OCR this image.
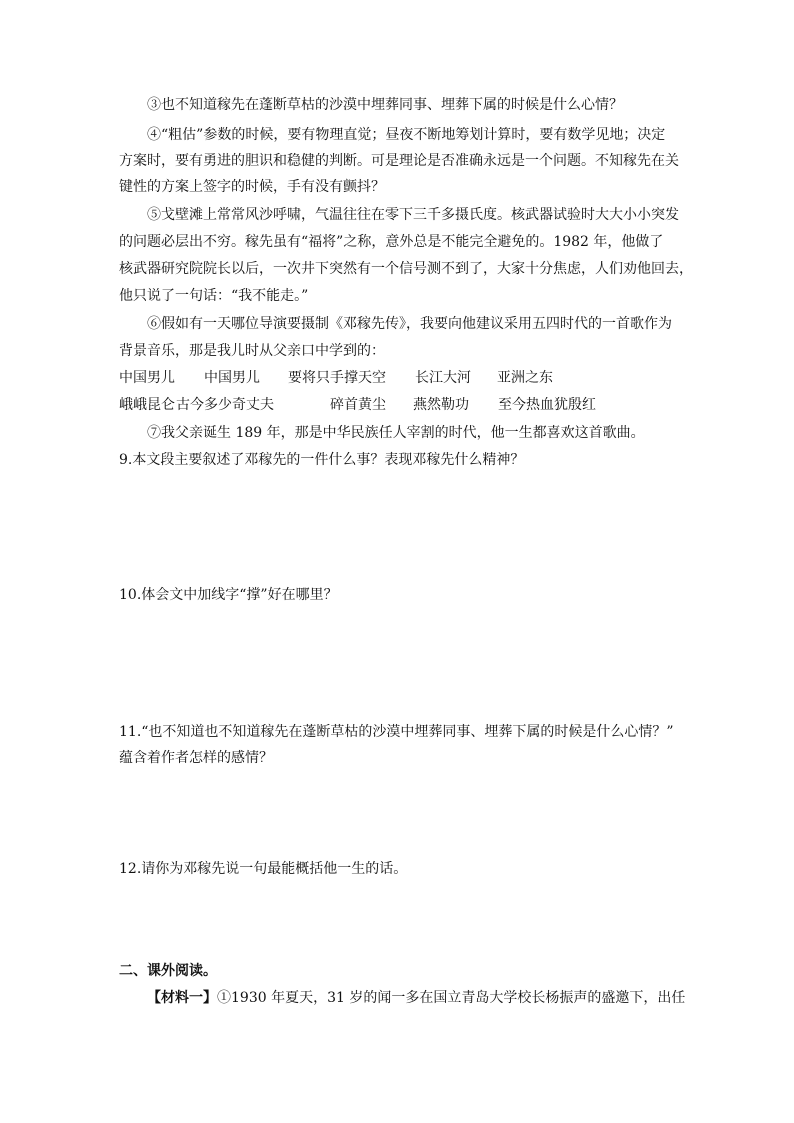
③也不知道稼先在蓬断草枯的沙漠中埋葬同事、埋葬下属的时候是什么心情？
④“粗估”参数的时候，要有物理直觉；昼夜不断地筹划计算时，要有数学见地；决定
方案时，要有勇进的胆识和稳健的判断。可是理论是否准确永远是一个问题。不知稼先在关
键性的方案上签字的时候，手有没有颤抖？
⑤戈壁滩上常常风沙呼啸，气温往往在零下三千多摄氏度。核武器试验时大大小小突发
的问题必层出不穷。稼先虽有“福将”之称，意外总是不能完全避免的。1982 年，他做了
核武器研究院院长以后，一次井下突然有一个信号测不到了，大家十分焦虑，人们劝他回去，
他只说了一句话：“我不能走。”
⑥假如有一天哪位导演要摄制《邓稼先传》，我要向他建议采用五四时代的一首歌作为
背景音乐，那是我儿时从父亲口中学到的：
中国男儿 中国男儿 要将只手撑天空 长江大河 亚洲之东
峨峨昆仑 古今多少奇丈夫	碎首黄尘 燕然勒功 至今热血犹殷红
⑦我父亲诞生 189 年，那是中华民族任人宰割的时代，他一生都喜欢这首歌曲。
9.本文段主要叙述了邓稼先的一件什么事？表现邓稼先什么精神？
10.体会文中加线字“撑”好在哪里？
11.“也不知道也不知道稼先在蓬断草枯的沙漠中埋葬同事、埋葬下属的时候是什么心情？”
蕴含着作者怎样的感情？
12.请你为邓稼先说一句最能概括他一生的话。
二、课外阅读。
【材料一】①1930 年夏天，31 岁的闻一多在国立青岛大学校长杨振声的盛邀下，出任
